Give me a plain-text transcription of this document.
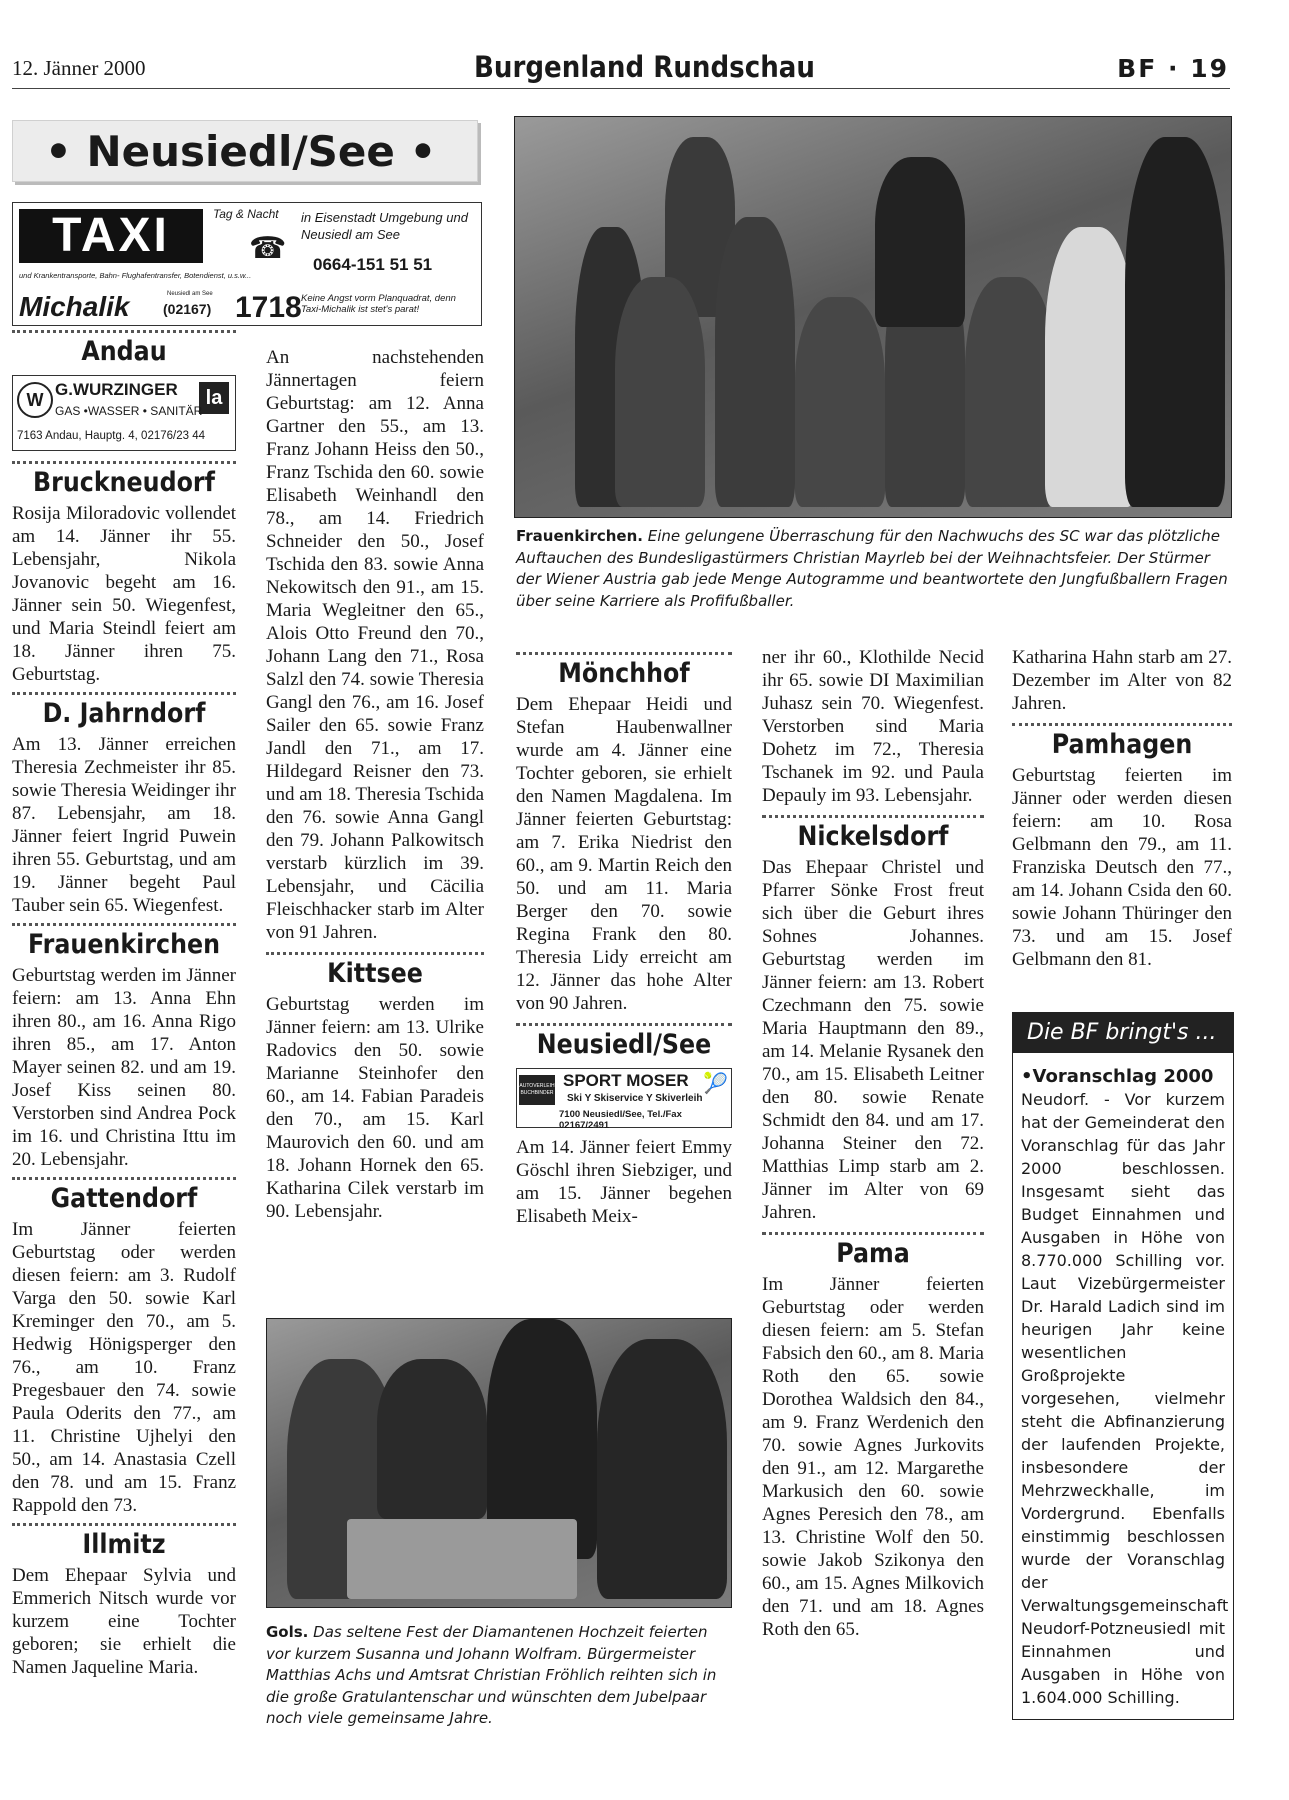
12. Jänner 2000	Burgenland Rundschau	BF · 19
• Neusiedl/See •
TAXI	Tag & Nacht
☎
in Eisenstadt Umgebung und Neusiedl am See
0664-151 51 51
und Krankentransporte, Bahn- Flughafentransfer, Botendienst, u.s.w...
Michalik	Neusiedl am See
(02167) 1718 Keine Angst vorm Planquadrat, denn Taxi-Michalik ist stet's parat!
Frauenkirchen. Eine gelungene Überraschung für den Nachwuchs des SC war das plötzliche Auftauchen des Bundesligastürmers Christian Mayrleb bei der Weihnachtsfeier. Der Stürmer der Wiener Austria gab jede Menge Autogramme und beantwortete den Jungfußballern Fragen über seine Karriere als Profifußballer.
Andau
W
G.WURZINGER	la
GAS •WASSER • SANITÄR
7163 Andau, Hauptg. 4, 02176/23 44
Bruckneudorf
Rosija Miloradovic vollendet am 14. Jänner ihr 55. Lebensjahr, Nikola Jovanovic begeht am 16. Jänner sein 50. Wiegenfest, und Maria Steindl feiert am 18. Jänner ihren 75. Geburtstag.
D. Jahrndorf
Am 13. Jänner erreichen Theresia Zechmeister ihr 85. sowie Theresia Weidinger ihr 87. Lebensjahr, am 18. Jänner feiert Ingrid Puwein ihren 55. Geburtstag, und am 19. Jänner begeht Paul Tauber sein 65. Wiegenfest.
Frauenkirchen
Geburtstag werden im Jänner feiern: am 13. Anna Ehn ihren 80., am 16. Anna Rigo ihren 85., am 17. Anton Mayer seinen 82. und am 19. Josef Kiss seinen 80. Verstorben sind Andrea Pock im 16. und Christina Ittu im 20. Lebensjahr.
Gattendorf
Im Jänner feierten Geburtstag oder werden diesen feiern: am 3. Rudolf Varga den 50. sowie Karl Kreminger den 70., am 5. Hedwig Hönigsperger den 76., am 10. Franz Pregesbauer den 74. sowie Paula Oderits den 77., am 11. Christine Ujhelyi den 50., am 14. Anastasia Czell den 78. und am 15. Franz Rappold den 73.
Illmitz
Dem Ehepaar Sylvia und Emmerich Nitsch wurde vor kurzem eine Tochter geboren; sie erhielt die Namen Jaqueline Maria.
An nachstehenden Jännertagen feiern Geburtstag: am 12. Anna Gartner den 55., am 13. Franz Johann Heiss den 50., Franz Tschida den 60. sowie Elisabeth Weinhandl den 78., am 14. Friedrich Schneider den 50., Josef Tschida den 83. sowie Anna Nekowitsch den 91., am 15. Maria Wegleitner den 65., Alois Otto Freund den 70., Johann Lang den 71., Rosa Salzl den 74. sowie Theresia Gangl den 76., am 16. Josef Sailer den 65. sowie Franz Jandl den 71., am 17. Hildegard Reisner den 73. und am 18. Theresia Tschida den 76. sowie Anna Gangl den 79. Johann Palkowitsch verstarb kürzlich im 39. Lebensjahr, und Cäcilia Fleischhacker starb im Alter von 91 Jahren.
Kittsee
Geburtstag werden im Jänner feiern: am 13. Ulrike Radovics den 50. sowie Marianne Steinhofer den 60., am 14. Fabian Paradeis den 70., am 15. Karl Maurovich den 60. und am 18. Johann Hornek den 65. Katharina Cilek verstarb im 90. Lebensjahr.
Mönchhof
Dem Ehepaar Heidi und Stefan Haubenwallner wurde am 4. Jänner eine Tochter geboren, sie erhielt den Namen Magdalena. Im Jänner feierten Geburtstag: am 7. Erika Niedrist den 60., am 9. Martin Reich den 50. und am 11. Maria Berger den 70. sowie Regina Frank den 80. Theresia Lidy erreicht am 12. Jänner das hohe Alter von 90 Jahren.
Neusiedl/See
AUTOVERLEIH BUCHBINDER
SPORT MOSER 🎾
Ski Y Skiservice Y Skiverleih
7100 Neusiedl/See, Tel./Fax 02167/2491
Am 14. Jänner feiert Emmy Göschl ihren Siebziger, und am 15. Jänner begehen Elisabeth Meix-
ner ihr 60., Klothilde Necid ihr 65. sowie DI Maximilian Juhasz sein 70. Wiegenfest. Verstorben sind Maria Dohetz im 72., Theresia Tschanek im 92. und Paula Depauly im 93. Lebensjahr.
Nickelsdorf
Das Ehepaar Christel und Pfarrer Sönke Frost freut sich über die Geburt ihres Sohnes Johannes. Geburtstag werden im Jänner feiern: am 13. Robert Czechmann den 75. sowie Maria Hauptmann den 89., am 14. Melanie Rysanek den 70., am 15. Elisabeth Leitner den 80. sowie Renate Schmidt den 84. und am 17. Johanna Steiner den 72. Matthias Limp starb am 2. Jänner im Alter von 69 Jahren.
Pama
Im Jänner feierten Geburtstag oder werden diesen feiern: am 5. Stefan Fabsich den 60., am 8. Maria Roth den 65. sowie Dorothea Waldsich den 84., am 9. Franz Werdenich den 70. sowie Agnes Jurkovits den 91., am 12. Margarethe Markusich den 60. sowie Agnes Peresich den 78., am 13. Christine Wolf den 50. sowie Jakob Szikonya den 60., am 15. Agnes Milkovich den 71. und am 18. Agnes Roth den 65.
Katharina Hahn starb am 27. Dezember im Alter von 82 Jahren.
Pamhagen
Geburtstag feierten im Jänner oder werden diesen feiern: am 10. Rosa Gelbmann den 79., am 11. Franziska Deutsch den 77., am 14. Johann Csida den 60. sowie Johann Thüringer den 73. und am 15. Josef Gelbmann den 81.
Die BF bringt's ...
•Voranschlag 2000
Neudorf. - Vor kurzem hat der Gemeinderat den Voranschlag für das Jahr 2000 beschlossen. Insgesamt sieht das Budget Einnahmen und Ausgaben in Höhe von 8.770.000 Schilling vor. Laut Vizebürgermeister Dr. Harald Ladich sind im heurigen Jahr keine wesentlichen Großprojekte vorgesehen, vielmehr steht die Abfinanzierung der laufenden Projekte, insbesondere der Mehrzweckhalle, im Vordergrund. Ebenfalls einstimmig beschlossen wurde der Voranschlag der Verwaltungsgemeinschaft Neudorf-Potzneusiedl mit Einnahmen und Ausgaben in Höhe von 1.604.000 Schilling.
Gols. Das seltene Fest der Diamantenen Hochzeit feierten vor kurzem Susanna und Johann Wolfram. Bürgermeister Matthias Achs und Amtsrat Christian Fröhlich reihten sich in die große Gratulantenschar und wünschten dem Jubelpaar noch viele gemeinsame Jahre.
